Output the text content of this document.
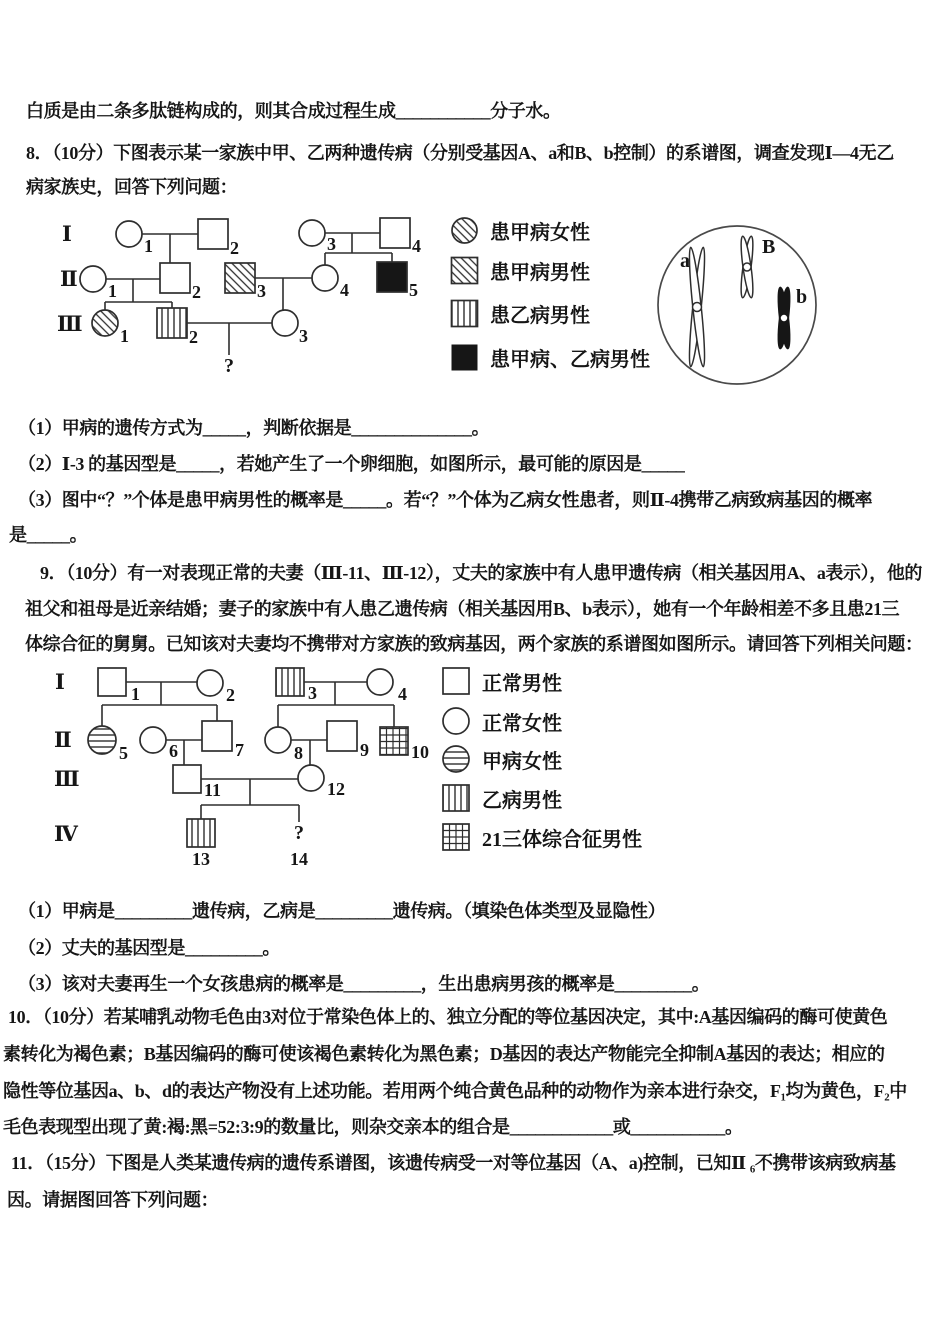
白质是由二条多肽链构成的，则其合成过程生成___________分子水。
8．（10分）下图表示某一家族中甲、乙两种遗传病（分别受基因A、a和B、b控制）的系谱图，调查发现Ⅰ—4无乙
病家族史，回答下列问题：
（1）甲病的遗传方式为_____，判断依据是______________。
（2）Ⅰ-3 的基因型是_____，若她产生了一个卵细胞，如图所示，最可能的原因是_____
（3）图中“？”个体是患甲病男性的概率是_____。若“？”个体为乙病女性患者，则Ⅱ-4携带乙病致病基因的概率
是_____。
9．（10分）有一对表现正常的夫妻（Ⅲ-11、Ⅲ-12），丈夫的家族中有人患甲遗传病（相关基因用A、a表示），他的
祖父和祖母是近亲结婚；妻子的家族中有人患乙遗传病（相关基因用B、b表示），她有一个年龄相差不多且患21三
体综合征的舅舅。已知该对夫妻均不携带对方家族的致病基因，两个家族的系谱图如图所示。请回答下列相关问题：
（1）甲病是_________遗传病，乙病是_________遗传病。（填染色体类型及显隐性）
（2）丈夫的基因型是_________。
（3）该对夫妻再生一个女孩患病的概率是_________，生出患病男孩的概率是_________。
10．（10分）若某哺乳动物毛色由3对位于常染色体上的、独立分配的等位基因决定，其中:A基因编码的酶可使黄色
素转化为褐色素；B基因编码的酶可使该褐色素转化为黑色素；D基因的表达产物能完全抑制A基因的表达；相应的
隐性等位基因a、b、d的表达产物没有上述功能。若用两个纯合黄色品种的动物作为亲本进行杂交，F₁均为黄色，F₂中
毛色表现型出现了黄:褐:黑=52:3:9的数量比，则杂交亲本的组合是____________或___________。
11．（15分）下图是人类某遗传病的遗传系谱图，该遗传病受一对等位基因（A、a)控制，已知Ⅱ ₆不携带该病致病基
因。请据图回答下列问题：
Ⅰ
Ⅱ
Ⅲ
1	2	3	4
1	2	3	4	5
1	2	3
?
患甲病女性
患甲病男性
患乙病男性
患甲病、乙病男性
a
B
b
Ⅰ
Ⅱ
Ⅲ
Ⅳ
1	2	3	4
5 6	7	8	9 10
11	12
13
?
14
正常男性
正常女性
甲病女性
乙病男性
21三体综合征男性
